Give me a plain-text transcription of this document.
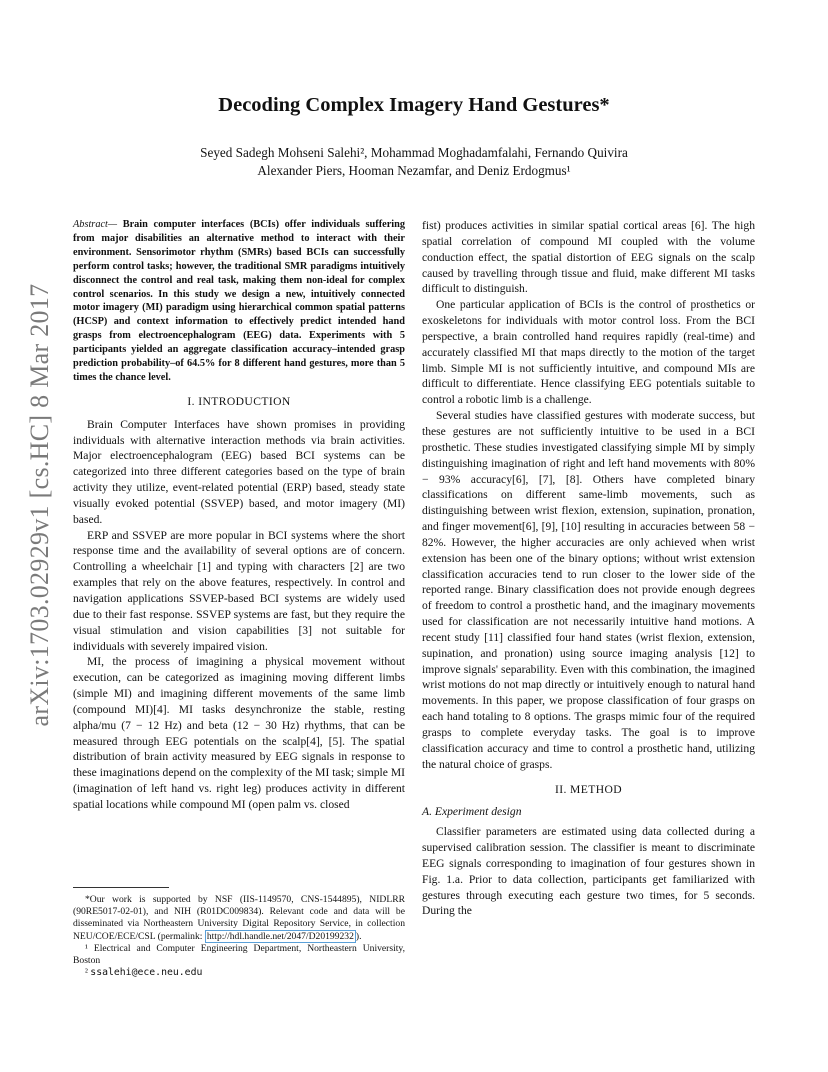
arXiv:1703.02929v1 [cs.HC] 8 Mar 2017
Decoding Complex Imagery Hand Gestures*
Seyed Sadegh Mohseni Salehi², Mohammad Moghadamfalahi, Fernando Quivira
Alexander Piers, Hooman Nezamfar, and Deniz Erdogmus¹

Abstract— Brain computer interfaces (BCIs) offer individuals suffering from major disabilities an alternative method to interact with their environment. Sensorimotor rhythm (SMRs) based BCIs can successfully perform control tasks; however, the traditional SMR paradigms intuitively disconnect the control and real task, making them non-ideal for complex control scenarios. In this study we design a new, intuitively connected motor imagery (MI) paradigm using hierarchical common spatial patterns (HCSP) and context information to effectively predict intended hand grasps from electroencephalogram (EEG) data. Experiments with 5 participants yielded an aggregate classification accuracy–intended grasp prediction probability–of 64.5% for 8 different hand gestures, more than 5 times the chance level.

I. INTRODUCTION

Brain Computer Interfaces have shown promises in providing individuals with alternative interaction methods via brain activities. Major electroencephalogram (EEG) based BCI systems can be categorized into three different categories based on the type of brain activity they utilize, event-related potential (ERP) based, steady state visually evoked potential (SSVEP) based, and motor imagery (MI) based.

ERP and SSVEP are more popular in BCI systems where the short response time and the availability of several options are of concern. Controlling a wheelchair [1] and typing with characters [2] are two examples that rely on the above features, respectively. In control and navigation applications SSVEP-based BCI systems are widely used due to their fast response. SSVEP systems are fast, but they require the visual stimulation and vision capabilities [3] not suitable for individuals with severely impaired vision.

MI, the process of imagining a physical movement without execution, can be categorized as imagining moving different limbs (simple MI) and imagining different movements of the same limb (compound MI)[4]. MI tasks desynchronize the stable, resting alpha/mu (7 − 12 Hz) and beta (12 − 30 Hz) rhythms, that can be measured through EEG potentials on the scalp[4], [5]. The spatial distribution of brain activity measured by EEG signals in response to these imaginations depend on the complexity of the MI task; simple MI (imagination of left hand vs. right leg) produces activity in different spatial locations while compound MI (open palm vs. closed

*Our work is supported by NSF (IIS-1149570, CNS-1544895), NIDLRR (90RE5017-02-01), and NIH (R01DC009834). Relevant code and data will be disseminated via Northeastern University Digital Repository Service, in collection NEU/COE/ECE/CSL (permalink: http://hdl.handle.net/2047/D20199232 ).

¹ Electrical and Computer Engineering Department, Northeastern University, Boston

² ssalehi@ece.neu.edu

fist) produces activities in similar spatial cortical areas [6]. The high spatial correlation of compound MI coupled with the volume conduction effect, the spatial distortion of EEG signals on the scalp caused by travelling through tissue and fluid, make different MI tasks difficult to distinguish.

One particular application of BCIs is the control of prosthetics or exoskeletons for individuals with motor control loss. From the BCI perspective, a brain controlled hand requires rapidly (real-time) and accurately classified MI that maps directly to the motion of the target limb. Simple MI is not sufficiently intuitive, and compound MIs are difficult to differentiate. Hence classifying EEG potentials suitable to control a robotic limb is a challenge.

Several studies have classified gestures with moderate success, but these gestures are not sufficiently intuitive to be used in a BCI prosthetic. These studies investigated classifying simple MI by simply distinguishing imagination of right and left hand movements with 80% − 93% accuracy[6], [7], [8]. Others have completed binary classifications on different same-limb movements, such as distinguishing between wrist flexion, extension, supination, pronation, and finger movement[6], [9], [10] resulting in accuracies between 58 − 82%. However, the higher accuracies are only achieved when wrist extension has been one of the binary options; without wrist extension classification accuracies tend to run closer to the lower side of the reported range. Binary classification does not provide enough degrees of freedom to control a prosthetic hand, and the imaginary movements used for classification are not necessarily intuitive hand motions. A recent study [11] classified four hand states (wrist flexion, extension, supination, and pronation) using source imaging analysis [12] to improve signals' separability. Even with this combination, the imagined wrist motions do not map directly or intuitively enough to natural hand movements. In this paper, we propose classification of four grasps on each hand totaling to 8 options. The grasps mimic four of the required grasps to complete everyday tasks. The goal is to improve classification accuracy and time to control a prosthetic hand, utilizing the natural choice of grasps.

II. METHOD
A. Experiment design

Classifier parameters are estimated using data collected during a supervised calibration session. The classifier is meant to discriminate EEG signals corresponding to imagination of four gestures shown in Fig. 1.a. Prior to data collection, participants get familiarized with gestures through executing each gesture two times, for 5 seconds. During the
